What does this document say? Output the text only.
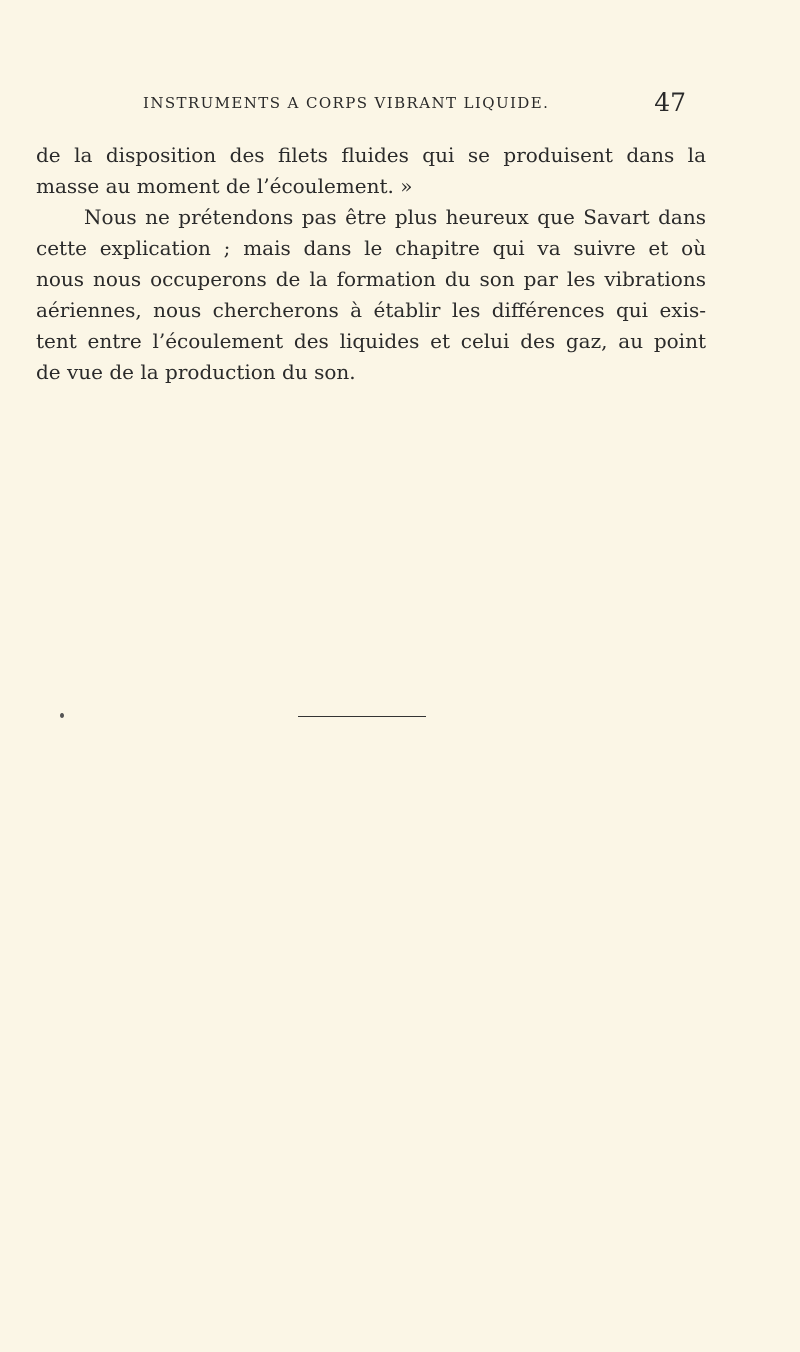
INSTRUMENTS A CORPS VIBRANT LIQUIDE.	47
de la disposition des filets fluides qui se produisent dans la
masse au moment de l’écoulement. »
Nous ne prétendons pas être plus heureux que Savart dans
cette explication ; mais dans le chapitre qui va suivre et où
nous nous occuperons de la formation du son par les vibrations
aériennes, nous chercherons à établir les différences qui exis-
tent entre l’écoulement des liquides et celui des gaz, au point
de vue de la production du son.
